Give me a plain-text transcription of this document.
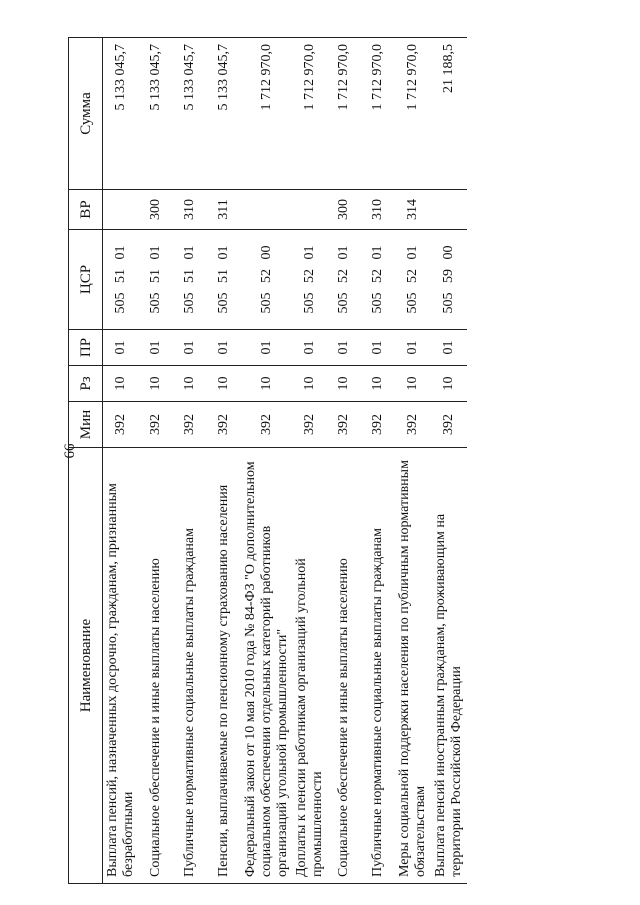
66
Наименование	Мин	Рз	ПР	ЦСР	ВР	Сумма
Выплата пенсий, назначенных досрочно, гражданам, признанным безработными	392	10	01	505 51 01		5 133 045,7
Социальное обеспечение и иные выплаты населению	392	10	01	505 51 01	300	5 133 045,7
Публичные нормативные социальные выплаты гражданам	392	10	01	505 51 01	310	5 133 045,7
Пенсии, выплачиваемые по пенсионному страхованию населения	392	10	01	505 51 01	311	5 133 045,7
Федеральный закон от 10 мая 2010 года № 84-ФЗ "О дополнительном социальном обеспечении отдельных категорий работников организаций угольной промышленности"	392	10	01	505 52 00		1 712 970,0
Доплаты к пенсии работникам организаций угольной промышленности	392	10	01	505 52 01		1 712 970,0
Социальное обеспечение и иные выплаты населению	392	10	01	505 52 01	300	1 712 970,0
Публичные нормативные социальные выплаты гражданам	392	10	01	505 52 01	310	1 712 970,0
Меры социальной поддержки населения по публичным нормативным обязательствам	392	10	01	505 52 01	314	1 712 970,0
Выплата пенсий иностранным гражданам, проживающим на территории Российской Федерации	392	10	01	505 59 00		21 188,5
